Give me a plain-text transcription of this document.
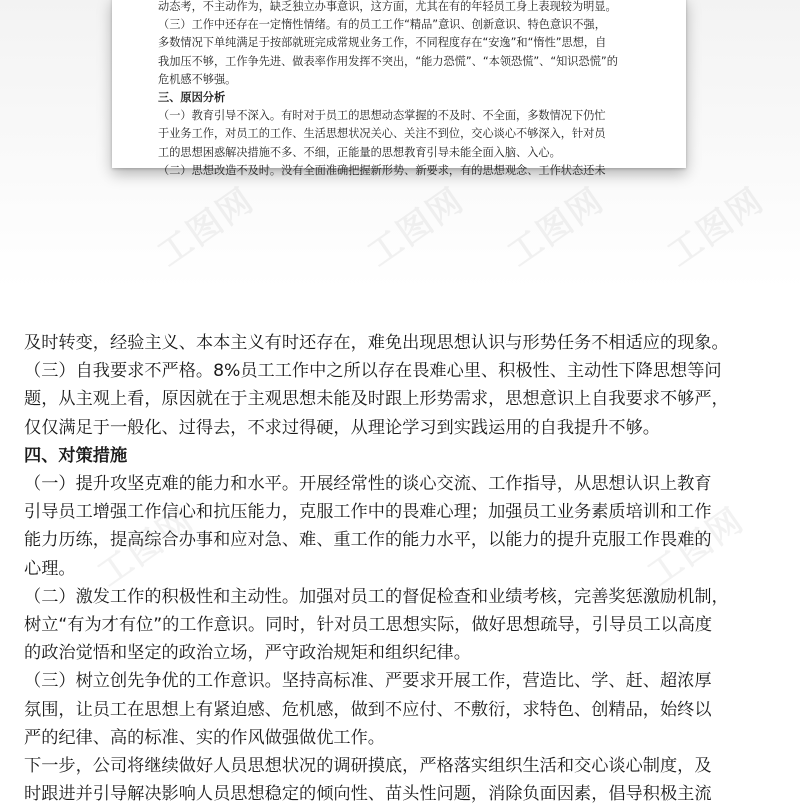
动态考，不主动作为，缺乏独立办事意识，这方面，尤其在有的年轻员工身上表现较为明显。
（三）工作中还存在一定惰性情绪。有的员工工作“精品”意识、创新意识、特色意识不强，
多数情况下单纯满足于按部就班完成常规业务工作，不同程度存在“安逸”和“惰性”思想，自
我加压不够，工作争先进、做表率作用发挥不突出，“能力恐慌”、“本领恐慌”、“知识恐慌”的
危机感不够强。
三、原因分析
（一）教育引导不深入。有时对于员工的思想动态掌握的不及时、不全面，多数情况下仍忙
于业务工作，对员工的工作、生活思想状况关心、关注不到位，交心谈心不够深入，针对员
工的思想困惑解决措施不多、不细，正能量的思想教育引导未能全面入脑、入心。
（二）思想改造不及时。没有全面准确把握新形势、新要求，有的思想观念、工作状态还未
工图网	工图网
及时转变，经验主义、本本主义有时还存在，难免出现思想认识与形势任务不相适应的现象。
（三）自我要求不严格。8%员工工作中之所以存在畏难心里、积极性、主动性下降思想等问
题，从主观上看，原因就在于主观思想未能及时跟上形势需求，思想意识上自我要求不够严，
仅仅满足于一般化、过得去，不求过得硬，从理论学习到实践运用的自我提升不够。
四、对策措施
（一）提升攻坚克难的能力和水平。开展经常性的谈心交流、工作指导，从思想认识上教育
引导员工增强工作信心和抗压能力，克服工作中的畏难心理；加强员工业务素质培训和工作
能力历练，提高综合办事和应对急、难、重工作的能力水平，以能力的提升克服工作畏难的
心理。
（二）激发工作的积极性和主动性。加强对员工的督促检查和业绩考核，完善奖惩激励机制，
树立“有为才有位”的工作意识。同时，针对员工思想实际，做好思想疏导，引导员工以高度
的政治觉悟和坚定的政治立场，严守政治规矩和组织纪律。
（三）树立创先争优的工作意识。坚持高标准、严要求开展工作，营造比、学、赶、超浓厚
氛围，让员工在思想上有紧迫感、危机感，做到不应付、不敷衍，求特色、创精品，始终以
严的纪律、高的标准、实的作风做强做优工作。
下一步，公司将继续做好人员思想状况的调研摸底，严格落实组织生活和交心谈心制度，及
时跟进并引导解决影响人员思想稳定的倾向性、苗头性问题，消除负面因素，倡导积极主流
